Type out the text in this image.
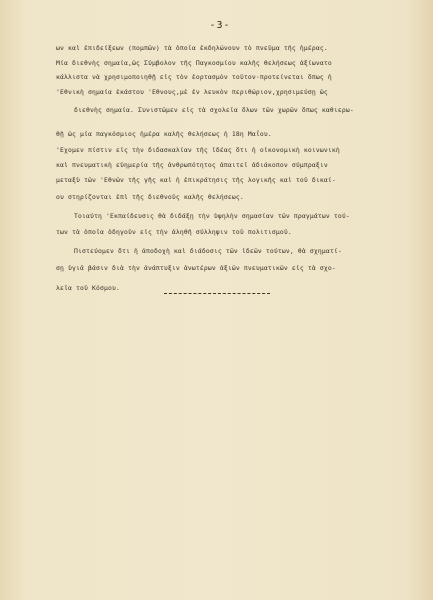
-3-
ων καὶ ἐπιδείξεων (πομπῶν) τὰ ὁποῖα ἐκδηλώνουν τὸ πνεῦμα τῆς ἡμέρας.
Μία διεθνὴς σημαία,ὡς Σύμβολον τῆς Παγκοσμίου καλῆς θελήσεως ἀξίωνατο
κάλλιστα νὰ χρησιμοποιηθῇ εἰς τὸν ἑορτασμὸν τοῦτον·προτείνεται ὅπως ἡ
'Εθνικὴ σημαία ἑκάστου 'Εθνους,μὲ ἐν λευκὸν περιθώριον,χρησιμεύσῃ ὡς
διεθνὴς σημαία. Συνιστῶμεν εἰς τὰ σχολεῖα ὅλων τῶν χωρῶν ὅπως καθιερω-
θῇ ὡς μία παγκόσμιος ἡμέρα καλῆς θελήσεως ἡ 18η Μαΐου.
'Εχομεν πίστιν εἰς τὴν διδασκαλίαν τῆς ἰδέας ὅτι ἡ οἰκονομικὴ κοινωνικὴ
καὶ πνευματικὴ εὐημερία τῆς ἀνθρωπότητος ἀπαιτεῖ ἀδιάκοπον σύμπραξιν
μεταξὺ τῶν 'Εθνῶν τῆς γῆς καὶ ἡ ἐπικράτησις τῆς λογικῆς καὶ τοῦ δικαί-
ου στηρίζονται ἐπὶ τῆς διεθνοῦς καλῆς θελήσεως.
Τοιαύτη 'Εκπαίδευσις θὰ διδάξῃ τὴν ὑψηλὴν σημασίαν τῶν πραγμάτων τού-
των τὰ ὁποῖα ὁδηγοῦν εἰς τὴν ἀληθῆ σύλληψιν τοῦ πολιτισμοῦ.
Πιστεύομεν ὅτι ἡ ἀποδοχὴ καὶ διάδοσις τῶν ἰδεῶν τούτων, θὰ σχηματί-
σῃ ὑγιᾶ βάσιν διὰ τὴν ἀνάπτυξιν ἀνωτέρων ἀξιῶν πνευματικῶν εἰς τὰ σχο-
λεῖα τοῦ Κόσμου.
